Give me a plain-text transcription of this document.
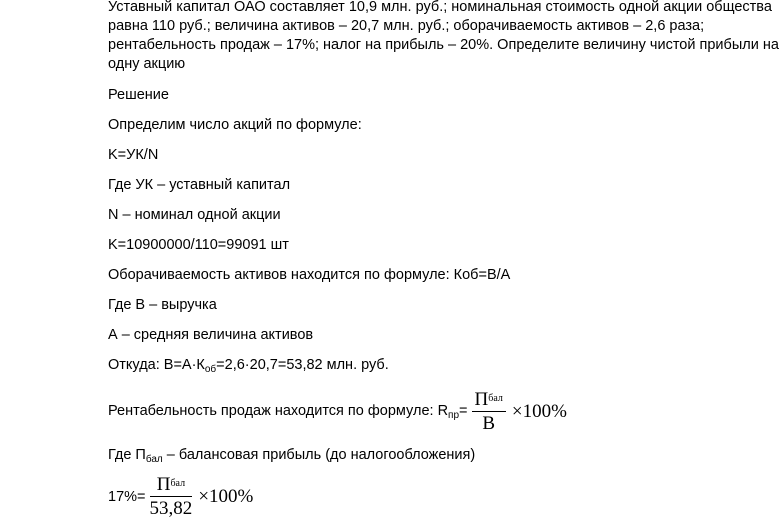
Уставный капитал ОАО составляет 10,9 млн. руб.; номинальная стоимость одной акции общества
равна 110 руб.; величина активов – 20,7 млн. руб.; оборачиваемость активов – 2,6 раза;
рентабельность продаж – 17%; налог на прибыль – 20%. Определите величину чистой прибыли на
одну акцию
Решение
Определим число акций по формуле:
K=УК/N
Где УК – уставный капитал
N – номинал одной акции
K=10900000/110=99091 шт
Оборачиваемость активов находится по формуле: Коб=В/А
Где В – выручка
А – средняя величина активов
Откуда: $В=А\cdot К_{об}=2,6\cdot 20,7=53,82$ млн. руб.
Рентабельность продаж находится по формуле: $R_{пр}= \frac{П^{бал}}{В} \times 100\%$
Где $П_{бал}$ – балансовая прибыль (до налогообложения)
$17\%= \frac{П^{бал}}{53,82} \times 100\%$
